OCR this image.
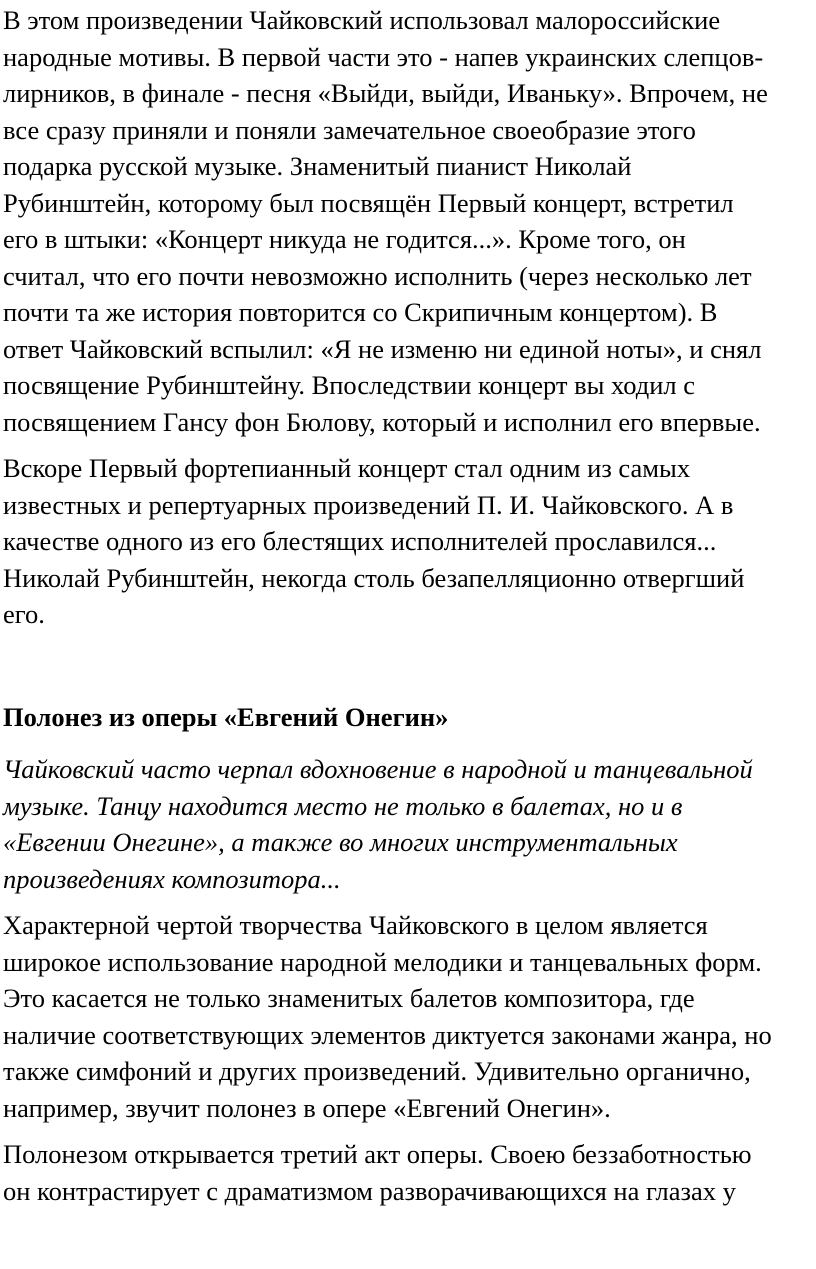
В этом произведении Чайковский использовал малороссийские
народные мотивы. В первой части это - напев украинских слепцов-
лирников, в финале - песня «Выйди, выйди, Иваньку». Впрочем, не
все сразу приняли и поняли замечательное своеобразие этого
подарка русской музыке. Знаменитый пианист Николай
Рубинштейн, которому был посвящён Первый концерт, встретил
его в штыки: «Концерт никуда не годится...». Кроме того, он
считал, что его почти невозможно исполнить (через несколько лет
почти та же история повторится со Скрипичным концертом). В
ответ Чайковский вспылил: «Я не изменю ни единой ноты», и снял
посвящение Рубинштейну. Впоследствии концерт вы ходил с
посвящением Гансу фон Бюлову, который и исполнил его впервые.

Вскоре Первый фортепианный концерт стал одним из самых
известных и репертуарных произведений П. И. Чайковского. А в
качестве одного из его блестящих исполнителей прославился...
Николай Рубинштейн, некогда столь безапелляционно отвергший
его.

Полонез из оперы «Евгений Онегин»

Чайковский часто черпал вдохновение в народной и танцевальной
музыке. Танцу находится место не только в балетах, но и в
«Евгении Онегине», а также во многих инструментальных
произведениях композитора...

Характерной чертой творчества Чайковского в целом является
широкое использование народной мелодики и танцевальных форм.
Это касается не только знаменитых балетов композитора, где
наличие соответствующих элементов диктуется законами жанра, но
также симфоний и других произведений. Удивительно органично,
например, звучит полонез в опере «Евгений Онегин».

Полонезом открывается третий акт оперы. Своею беззаботностью
он контрастирует с драматизмом разворачивающихся на глазах у
